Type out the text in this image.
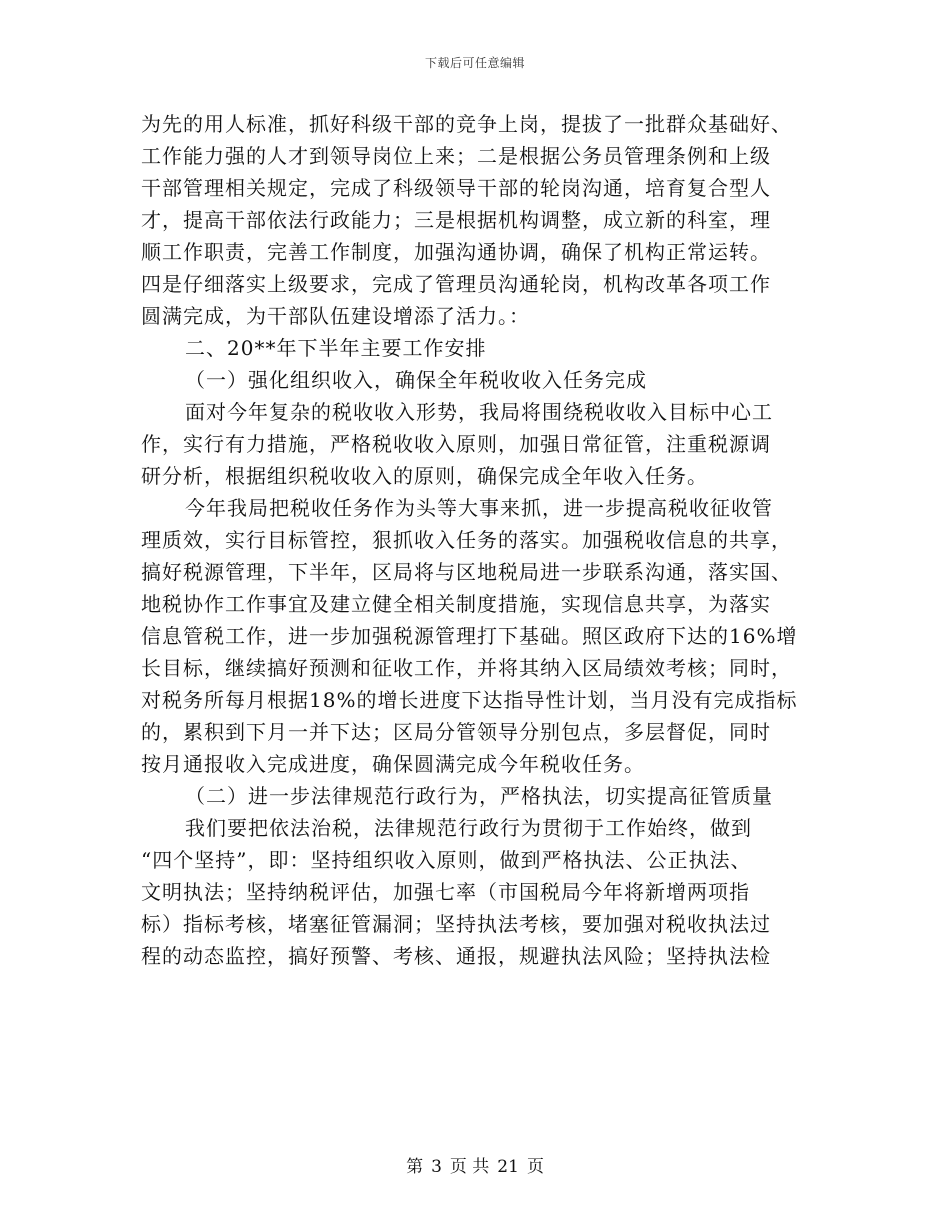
下载后可任意编辑
为先的用人标准，抓好科级干部的竞争上岗，提拔了一批群众基础好、
工作能力强的人才到领导岗位上来；二是根据公务员管理条例和上级
干部管理相关规定，完成了科级领导干部的轮岗沟通，培育复合型人
才，提高干部依法行政能力；三是根据机构调整，成立新的科室，理
顺工作职责，完善工作制度，加强沟通协调，确保了机构正常运转。
四是仔细落实上级要求，完成了管理员沟通轮岗，机构改革各项工作
圆满完成，为干部队伍建设增添了活力。：
二、20**年下半年主要工作安排
（一）强化组织收入，确保全年税收收入任务完成
面对今年复杂的税收收入形势，我局将围绕税收收入目标中心工
作，实行有力措施，严格税收收入原则，加强日常征管，注重税源调
研分析，根据组织税收收入的原则，确保完成全年收入任务。
今年我局把税收任务作为头等大事来抓，进一步提高税收征收管
理质效，实行目标管控，狠抓收入任务的落实。加强税收信息的共享，
搞好税源管理，下半年，区局将与区地税局进一步联系沟通，落实国、
地税协作工作事宜及建立健全相关制度措施，实现信息共享，为落实
信息管税工作，进一步加强税源管理打下基础。照区政府下达的16%增
长目标，继续搞好预测和征收工作，并将其纳入区局绩效考核；同时，
对税务所每月根据18%的增长进度下达指导性计划，当月没有完成指标
的，累积到下月一并下达；区局分管领导分别包点，多层督促，同时
按月通报收入完成进度，确保圆满完成今年税收任务。
（二）进一步法律规范行政行为，严格执法，切实提高征管质量
我们要把依法治税，法律规范行政行为贯彻于工作始终，做到
“四个坚持”，即：坚持组织收入原则，做到严格执法、公正执法、
文明执法；坚持纳税评估，加强七率（市国税局今年将新增两项指
标）指标考核，堵塞征管漏洞；坚持执法考核，要加强对税收执法过
程的动态监控，搞好预警、考核、通报，规避执法风险；坚持执法检
第 3 页 共 21 页
